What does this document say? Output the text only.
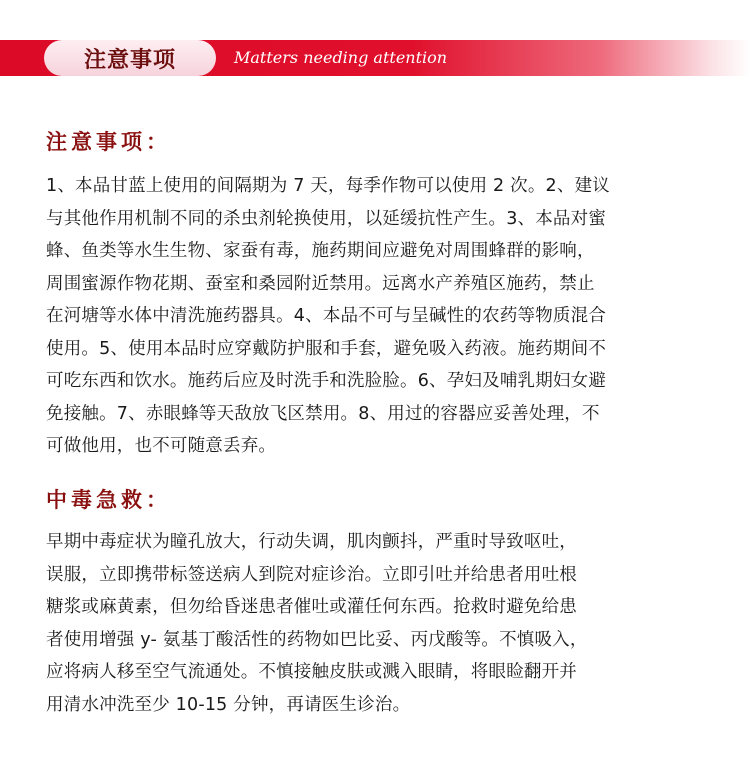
注意事项	Matters needing attention
注意事项：
1、本品甘蓝上使用的间隔期为 7 天，每季作物可以使用 2 次。2、建议
与其他作用机制不同的杀虫剂轮换使用，以延缓抗性产生。3、本品对蜜
蜂、鱼类等水生生物、家蚕有毒，施药期间应避免对周围蜂群的影响，
周围蜜源作物花期、蚕室和桑园附近禁用。远离水产养殖区施药，禁止
在河塘等水体中清洗施药器具。4、本品不可与呈碱性的农药等物质混合
使用。5、使用本品时应穿戴防护服和手套，避免吸入药液。施药期间不
可吃东西和饮水。施药后应及时洗手和洗脸脸。6、孕妇及哺乳期妇女避
免接触。7、赤眼蜂等天敌放飞区禁用。8、用过的容器应妥善处理，不
可做他用，也不可随意丢弃。
中毒急救：
早期中毒症状为瞳孔放大，行动失调，肌肉颤抖，严重时导致呕吐，
误服，立即携带标签送病人到院对症诊治。立即引吐并给患者用吐根
糖浆或麻黄素，但勿给昏迷患者催吐或灌任何东西。抢救时避免给患
者使用增强 y- 氨基丁酸活性的药物如巴比妥、丙戊酸等。不慎吸入，
应将病人移至空气流通处。不慎接触皮肤或溅入眼睛，将眼睑翻开并
用清水冲洗至少 10-15 分钟，再请医生诊治。
